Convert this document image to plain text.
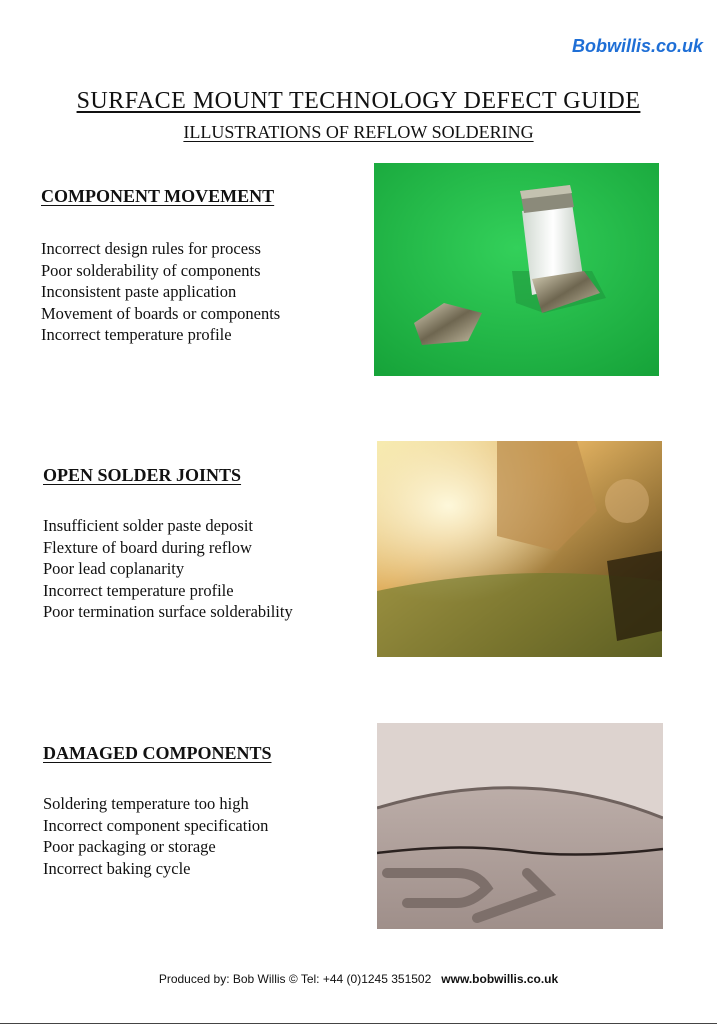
Bobwillis.co.uk
SURFACE MOUNT TECHNOLOGY DEFECT GUIDE
ILLUSTRATIONS OF REFLOW SOLDERING
COMPONENT MOVEMENT
Incorrect design rules for process
Poor solderability of components
Inconsistent paste application
Movement of boards or components
Incorrect temperature profile
OPEN SOLDER JOINTS
Insufficient solder paste deposit
Flexture of board during reflow
Poor lead coplanarity
Incorrect temperature profile
Poor termination surface solderability
DAMAGED COMPONENTS
Soldering temperature too high
Incorrect component specification
Poor packaging or storage
Incorrect baking cycle
Produced by: Bob Willis © Tel: +44 (0)1245 351502 www.bobwillis.co.uk
